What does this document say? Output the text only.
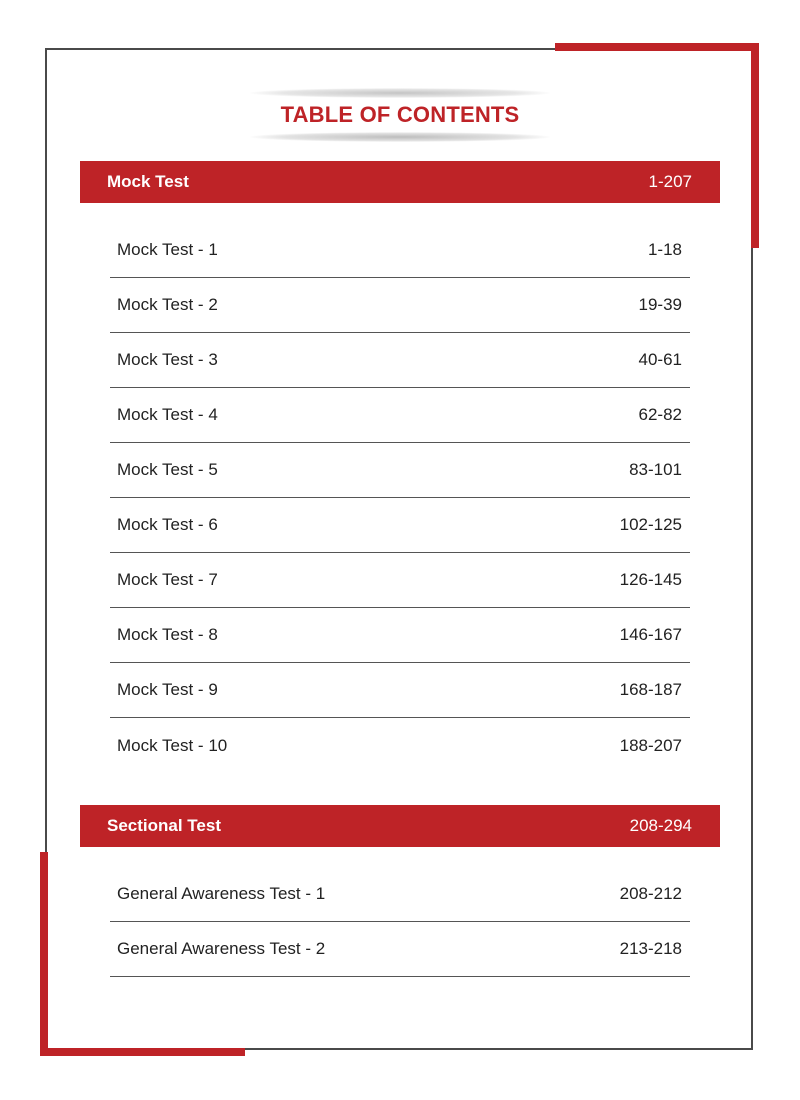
TABLE OF CONTENTS
Mock Test	1-207
Mock Test - 1	1-18
Mock Test - 2	19-39
Mock Test - 3	40-61
Mock Test - 4	62-82
Mock Test - 5	83-101
Mock Test - 6	102-125
Mock Test - 7	126-145
Mock Test - 8	146-167
Mock Test - 9	168-187
Mock Test - 10	188-207
Sectional Test	208-294
General Awareness Test - 1	208-212
General Awareness Test - 2	213-218
